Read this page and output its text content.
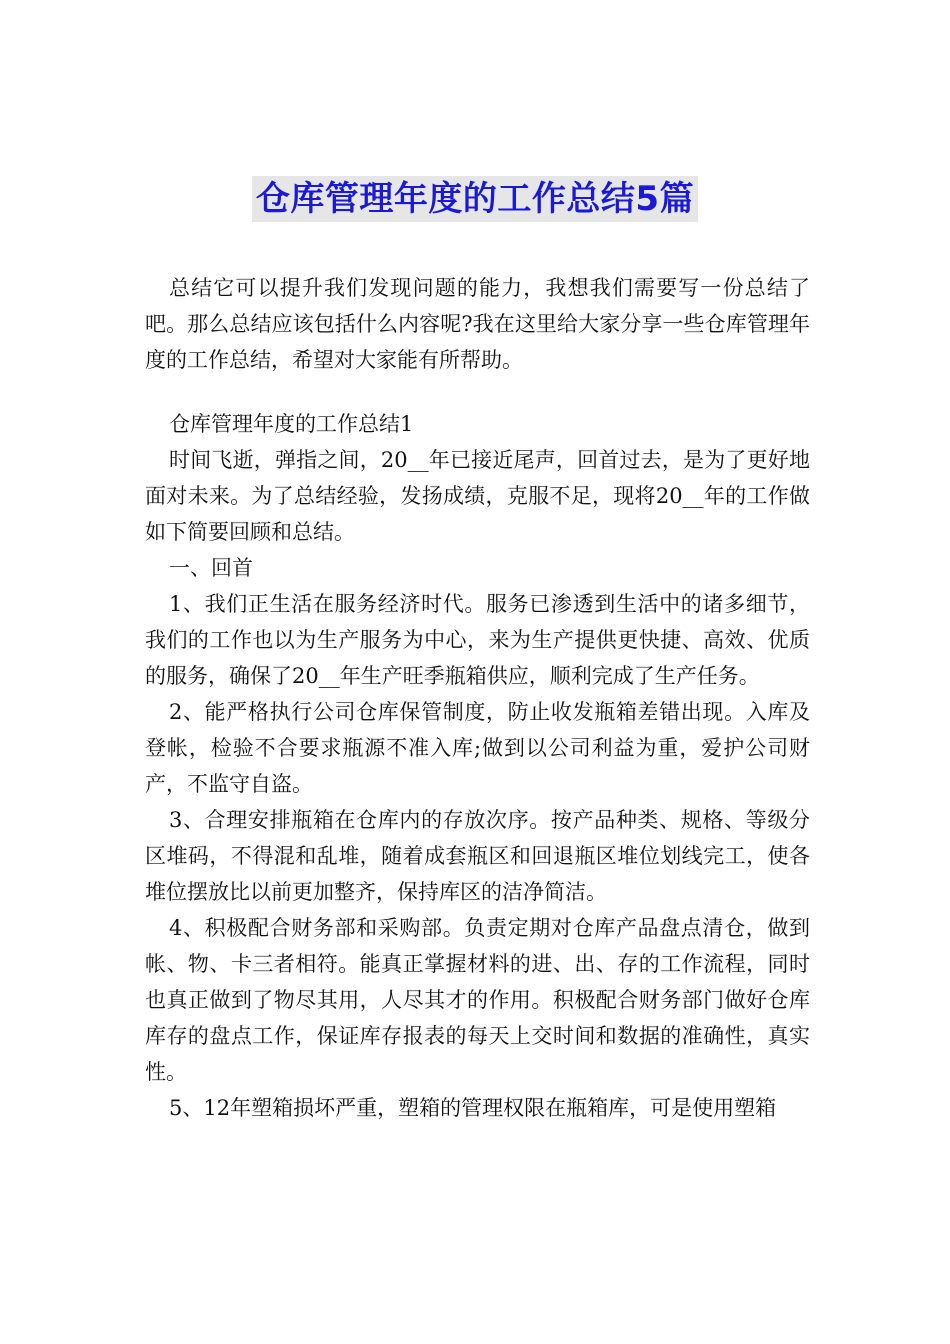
仓库管理年度的工作总结5篇

总结它可以提升我们发现问题的能力，我想我们需要写一份总结了吧。那么总结应该包括什么内容呢?我在这里给大家分享一些仓库管理年度的工作总结，希望对大家能有所帮助。

仓库管理年度的工作总结1

时间飞逝，弹指之间，20__年已接近尾声，回首过去，是为了更好地面对未来。为了总结经验，发扬成绩，克服不足，现将20__年的工作做如下简要回顾和总结。

一、回首

1、我们正生活在服务经济时代。服务已渗透到生活中的诸多细节，我们的工作也以为生产服务为中心，来为生产提供更快捷、高效、优质的服务，确保了20__年生产旺季瓶箱供应，顺利完成了生产任务。

2、能严格执行公司仓库保管制度，防止收发瓶箱差错出现。入库及登帐，检验不合要求瓶源不准入库;做到以公司利益为重，爱护公司财产，不监守自盗。

3、合理安排瓶箱在仓库内的存放次序。按产品种类、规格、等级分区堆码，不得混和乱堆，随着成套瓶区和回退瓶区堆位划线完工，使各堆位摆放比以前更加整齐，保持库区的洁净简洁。

4、积极配合财务部和采购部。负责定期对仓库产品盘点清仓，做到帐、物、卡三者相符。能真正掌握材料的进、出、存的工作流程，同时也真正做到了物尽其用，人尽其才的作用。积极配合财务部门做好仓库库存的盘点工作，保证库存报表的每天上交时间和数据的准确性，真实性。

5、12年塑箱损坏严重，塑箱的管理权限在瓶箱库，可是使用塑箱
